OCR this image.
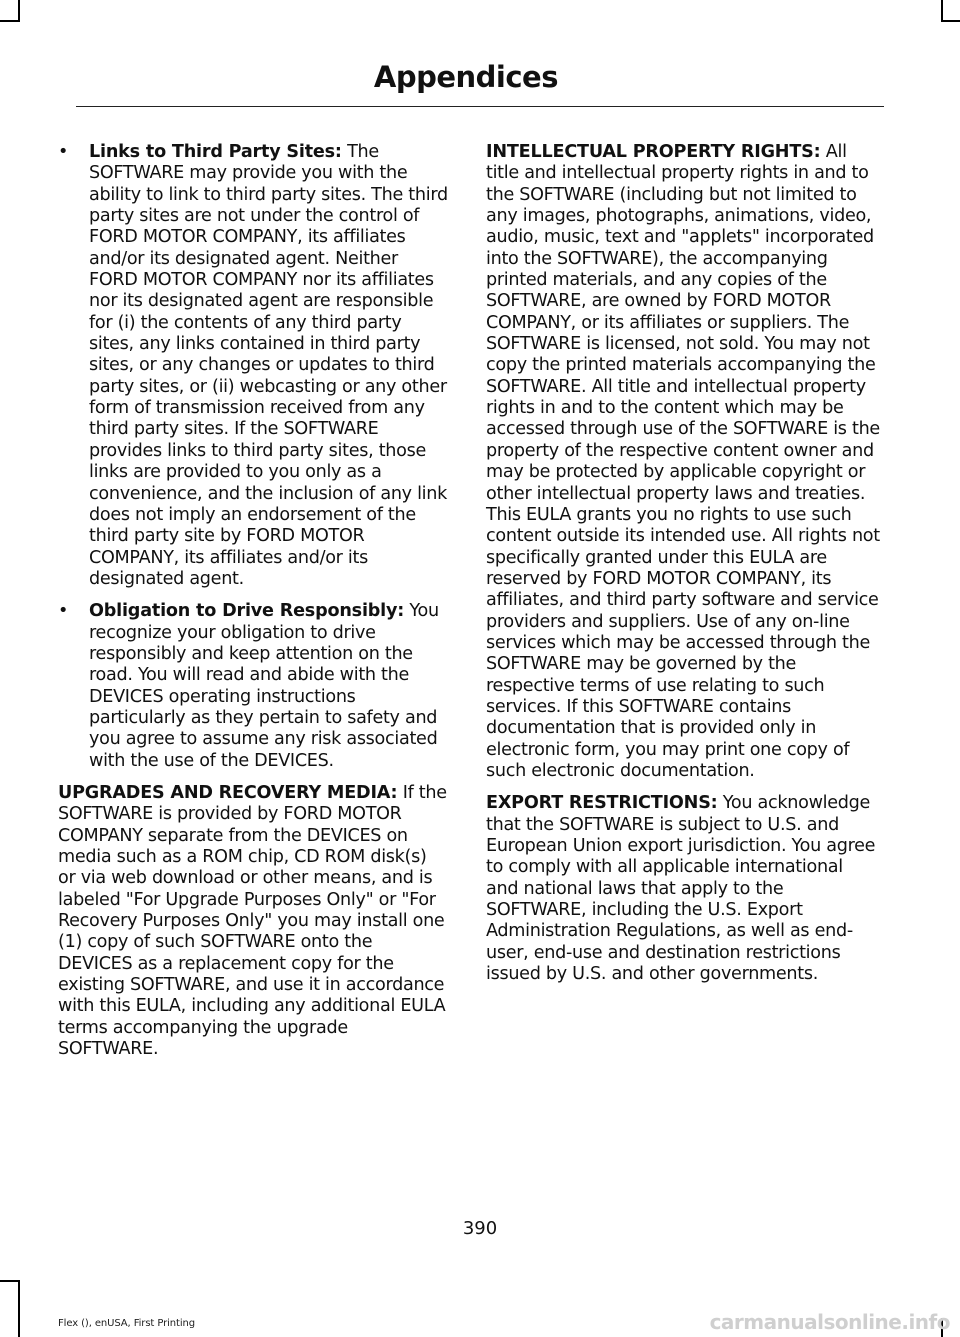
Appendices
• Links to Third Party Sites: The SOFTWARE may provide you with the ability to link to third party sites. The third party sites are not under the control of FORD MOTOR COMPANY, its affiliates and/or its designated agent. Neither FORD MOTOR COMPANY nor its affiliates nor its designated agent are responsible for (i) the contents of any third party sites, any links contained in third party sites, or any changes or updates to third party sites, or (ii) webcasting or any other form of transmission received from any third party sites. If the SOFTWARE provides links to third party sites, those links are provided to you only as a convenience, and the inclusion of any link does not imply an endorsement of the third party site by FORD MOTOR COMPANY, its affiliates and/or its designated agent.
• Obligation to Drive Responsibly: You recognize your obligation to drive responsibly and keep attention on the road. You will read and abide with the DEVICES operating instructions particularly as they pertain to safety and you agree to assume any risk associated with the use of the DEVICES.

UPGRADES AND RECOVERY MEDIA: If the SOFTWARE is provided by FORD MOTOR COMPANY separate from the DEVICES on media such as a ROM chip, CD ROM disk(s) or via web download or other means, and is labeled "For Upgrade Purposes Only" or "For Recovery Purposes Only" you may install one (1) copy of such SOFTWARE onto the DEVICES as a replacement copy for the existing SOFTWARE, and use it in accordance with this EULA, including any additional EULA terms accompanying the upgrade SOFTWARE.

INTELLECTUAL PROPERTY RIGHTS: All title and intellectual property rights in and to the SOFTWARE (including but not limited to any images, photographs, animations, video, audio, music, text and "applets" incorporated into the SOFTWARE), the accompanying printed materials, and any copies of the SOFTWARE, are owned by FORD MOTOR COMPANY, or its affiliates or suppliers. The SOFTWARE is licensed, not sold. You may not copy the printed materials accompanying the SOFTWARE. All title and intellectual property rights in and to the content which may be accessed through use of the SOFTWARE is the property of the respective content owner and may be protected by applicable copyright or other intellectual property laws and treaties. This EULA grants you no rights to use such content outside its intended use. All rights not specifically granted under this EULA are reserved by FORD MOTOR COMPANY, its affiliates, and third party software and service providers and suppliers. Use of any on-line services which may be accessed through the SOFTWARE may be governed by the respective terms of use relating to such services. If this SOFTWARE contains documentation that is provided only in electronic form, you may print one copy of such electronic documentation.

EXPORT RESTRICTIONS: You acknowledge that the SOFTWARE is subject to U.S. and European Union export jurisdiction. You agree to comply with all applicable international and national laws that apply to the SOFTWARE, including the U.S. Export Administration Regulations, as well as end-user, end-use and destination restrictions issued by U.S. and other governments.

390
Flex (), enUSA, First Printing	carmanualsonline.info
